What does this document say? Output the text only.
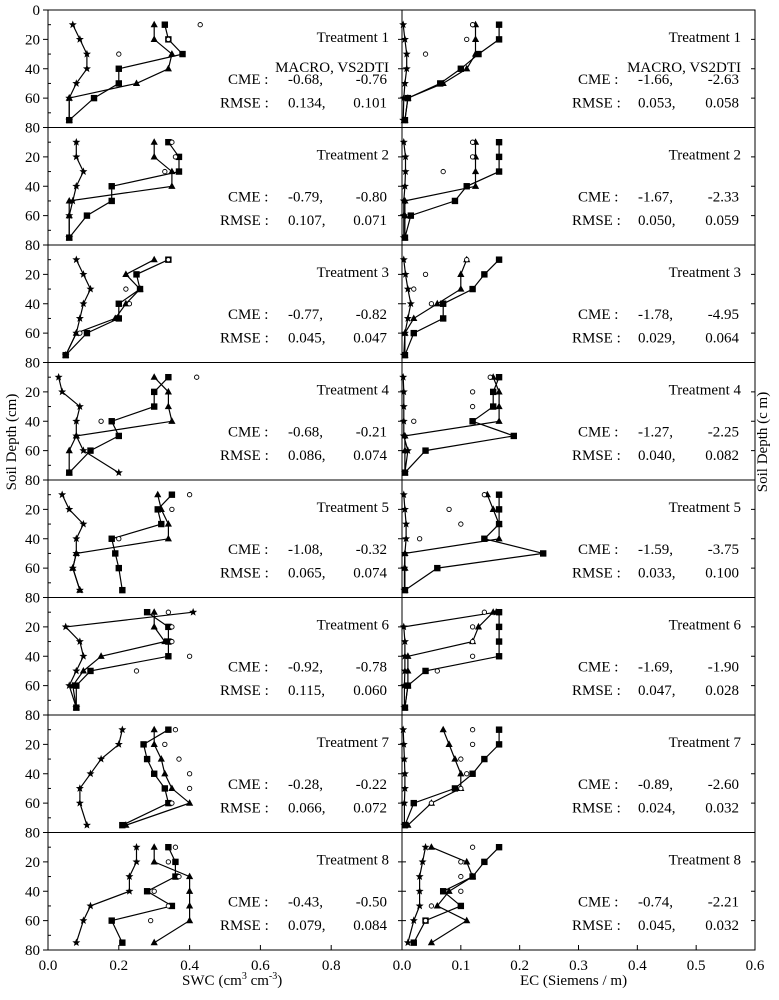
0
20
40
60
80
Treatment 1	Treatment 1
MACRO, VS2DTI	MACRO, VS2DTI
CME : -0.68, -0.76
RMSE : 0.134, 0.101
CME : -1.66, -2.63
RMSE : 0.053, 0.058
20
40
60
80
Treatment 2	Treatment 2
CME : -0.79, -0.80
RMSE : 0.107, 0.071
CME : -1.67, -2.33
RMSE : 0.050, 0.059
20
40
60
80
Treatment 3	Treatment 3
CME : -0.77, -0.82
RMSE : 0.045, 0.047
CME : -1.78, -4.95
RMSE : 0.029, 0.064
20
40
60
80
Treatment 4	Treatment 4
CME : -0.68, -0.21
RMSE : 0.086, 0.074
CME : -1.27, -2.25
RMSE : 0.040, 0.082
20
40
60
80
Treatment 5	Treatment 5
CME : -1.08, -0.32
RMSE : 0.065, 0.074
CME : -1.59, -3.75
RMSE : 0.033, 0.100
20
40
60
80
Treatment 6	Treatment 6
CME : -0.92, -0.78
RMSE : 0.115, 0.060
CME : -1.69, -1.90
RMSE : 0.047, 0.028
20
40
60
80
Treatment 7	Treatment 7
CME : -0.28, -0.22
RMSE : 0.066, 0.072
CME : -0.89, -2.60
RMSE : 0.024, 0.032
20
40
60
80
Treatment 8	Treatment 8
CME : -0.43, -0.50
RMSE : 0.079, 0.084
CME : -0.74, -2.21
RMSE : 0.045, 0.032
0.0	0.2	0.4	0.6	0.8	0.0	0.1	0.2	0.3	0.4	0.5	0.6
Soil Depth (cm)	Soil Depth (c m)
SWC ($cm^3$ $cm^{-3}$)	EC (Siemens / m)
